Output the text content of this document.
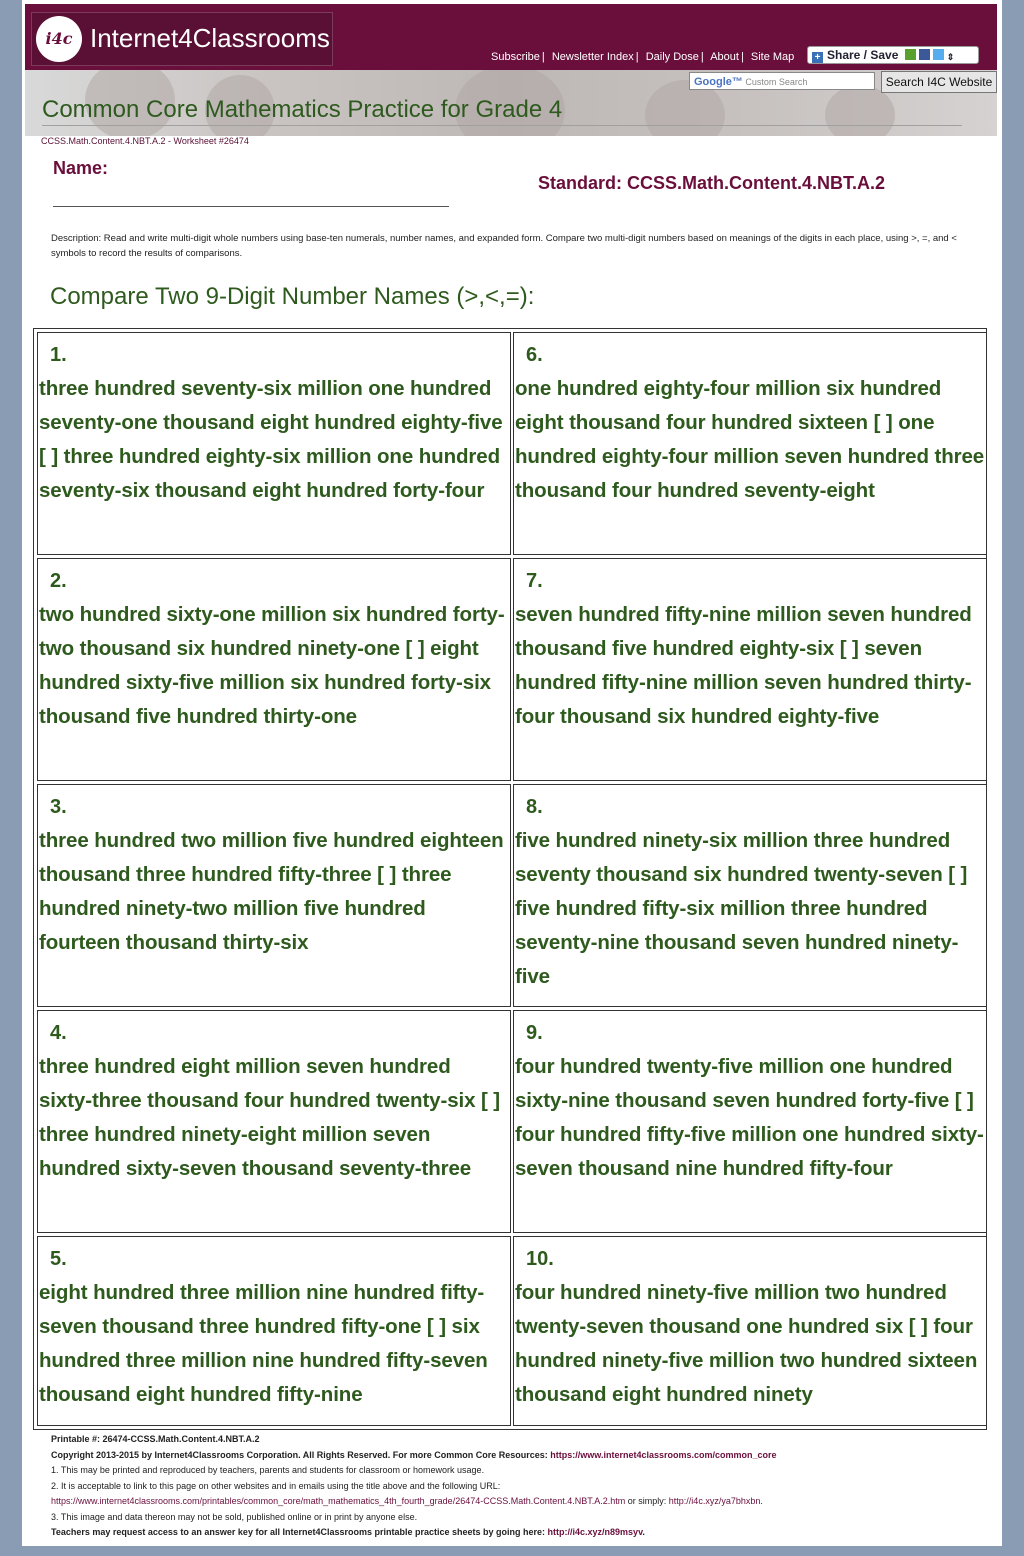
i4c Internet4Classrooms
Subscribe | Newsletter Index | Daily Dose | About | Site Map	+ Share / Save	⇕
Google™ Custom Search	Search I4C Website
Common Core Mathematics Practice for Grade 4
CCSS.Math.Content.4.NBT.A.2 - Worksheet #26474
Name:
Standard: CCSS.Math.Content.4.NBT.A.2
Description: Read and write multi-digit whole numbers using base-ten numerals, number names, and expanded form. Compare two multi-digit numbers based on meanings of the digits in each place, using >, =, and < symbols to record the results of comparisons.
Compare Two 9-Digit Number Names (>,<,=):
1.
three hundred seventy-six million one hundred seventy-one thousand eight hundred eighty-five [ ] three hundred eighty-six million one hundred seventy-six thousand eight hundred forty-four
6.
one hundred eighty-four million six hundred eight thousand four hundred sixteen [ ] one hundred eighty-four million seven hundred three thousand four hundred seventy-eight
2.
two hundred sixty-one million six hundred forty-two thousand six hundred ninety-one [ ] eight hundred sixty-five million six hundred forty-six thousand five hundred thirty-one
7.
seven hundred fifty-nine million seven hundred thousand five hundred eighty-six [ ] seven hundred fifty-nine million seven hundred thirty-four thousand six hundred eighty-five
3.
three hundred two million five hundred eighteen thousand three hundred fifty-three [ ] three hundred ninety-two million five hundred fourteen thousand thirty-six
8.
five hundred ninety-six million three hundred seventy thousand six hundred twenty-seven [ ] five hundred fifty-six million three hundred seventy-nine thousand seven hundred ninety-five
4.
three hundred eight million seven hundred sixty-three thousand four hundred twenty-six [ ] three hundred ninety-eight million seven hundred sixty-seven thousand seventy-three
9.
four hundred twenty-five million one hundred sixty-nine thousand seven hundred forty-five [ ] four hundred fifty-five million one hundred sixty-seven thousand nine hundred fifty-four
5.
eight hundred three million nine hundred fifty-seven thousand three hundred fifty-one [ ] six hundred three million nine hundred fifty-seven thousand eight hundred fifty-nine
10.
four hundred ninety-five million two hundred twenty-seven thousand one hundred six [ ] four hundred ninety-five million two hundred sixteen thousand eight hundred ninety
Printable #: 26474-CCSS.Math.Content.4.NBT.A.2
Copyright 2013-2015 by Internet4Classrooms Corporation. All Rights Reserved. For more Common Core Resources: https://www.internet4classrooms.com/common_core
1. This may be printed and reproduced by teachers, parents and students for classroom or homework usage.
2. It is acceptable to link to this page on other websites and in emails using the title above and the following URL:
https://www.internet4classrooms.com/printables/common_core/math_mathematics_4th_fourth_grade/26474-CCSS.Math.Content.4.NBT.A.2.htm or simply: http://i4c.xyz/ya7bhxbn.
3. This image and data thereon may not be sold, published online or in print by anyone else.
Teachers may request access to an answer key for all Internet4Classrooms printable practice sheets by going here: http://i4c.xyz/n89msyv.
